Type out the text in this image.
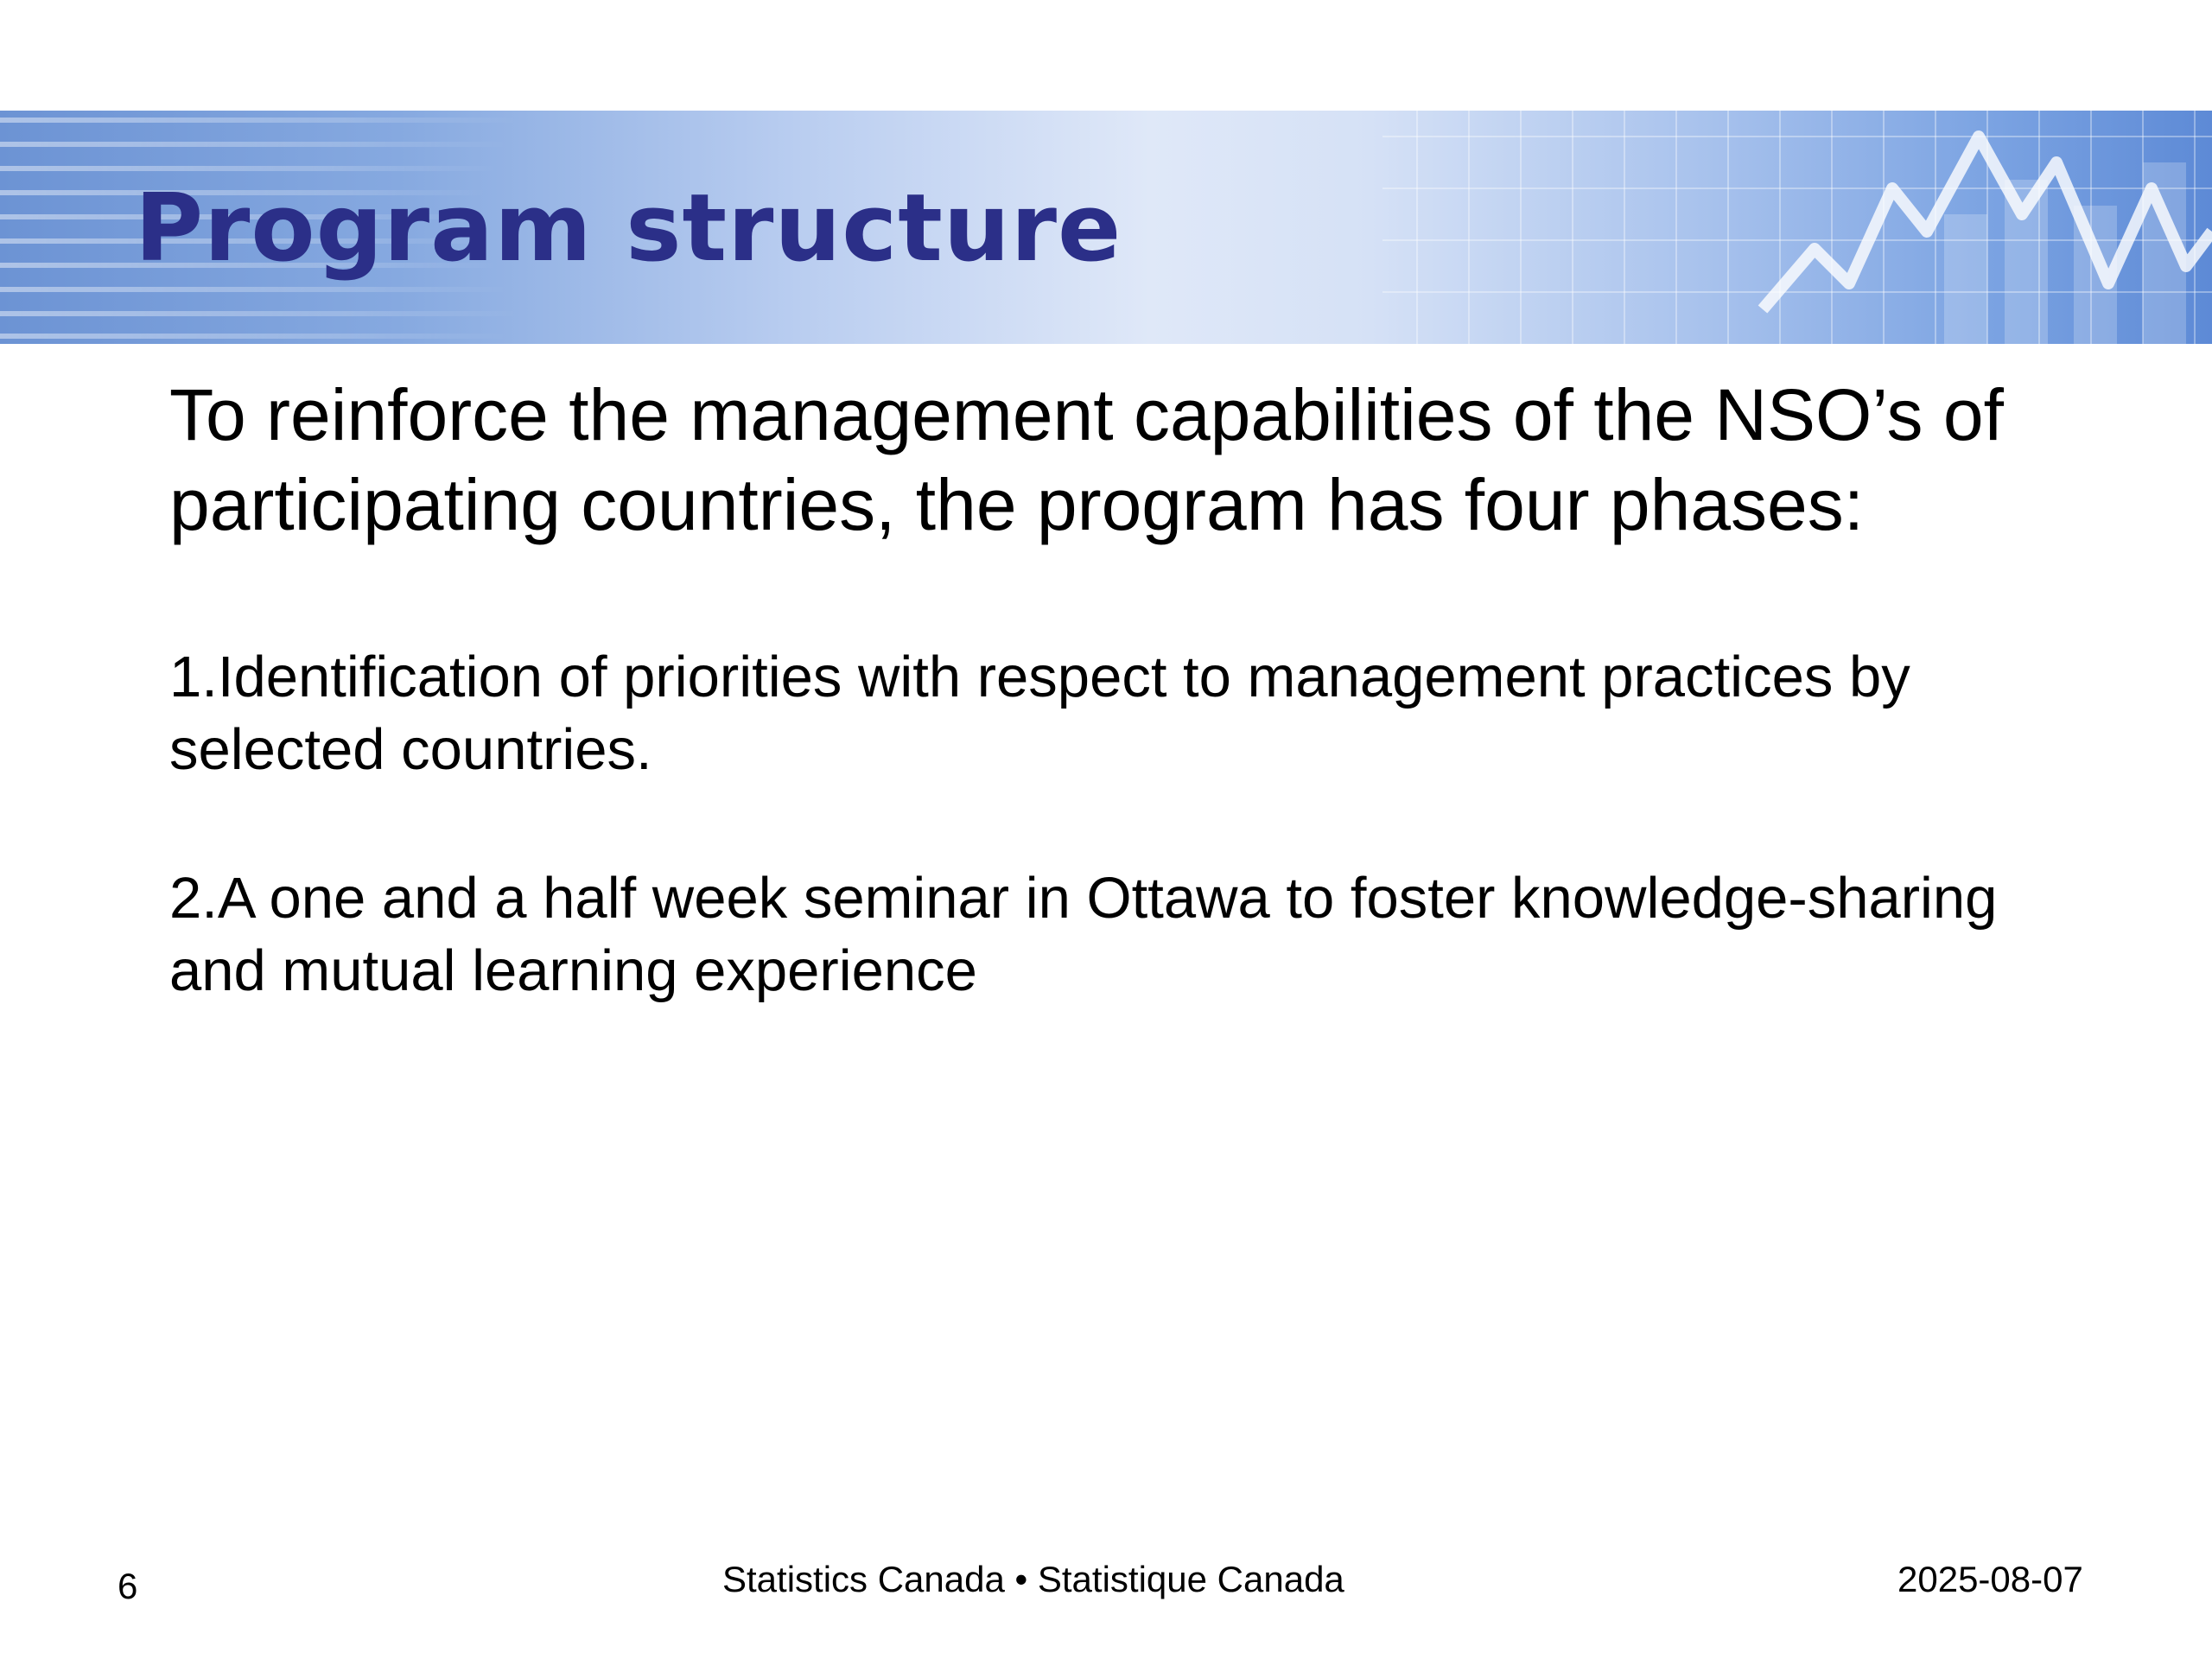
Program structure

To reinforce the management capabilities of the NSO’s of participating countries, the program has four phases:

1.Identification of priorities with respect to management practices by selected countries.

2.A one and a half week seminar in Ottawa to foster knowledge-sharing and mutual learning experience

6	Statistics Canada • Statistique Canada	2025-08-07
